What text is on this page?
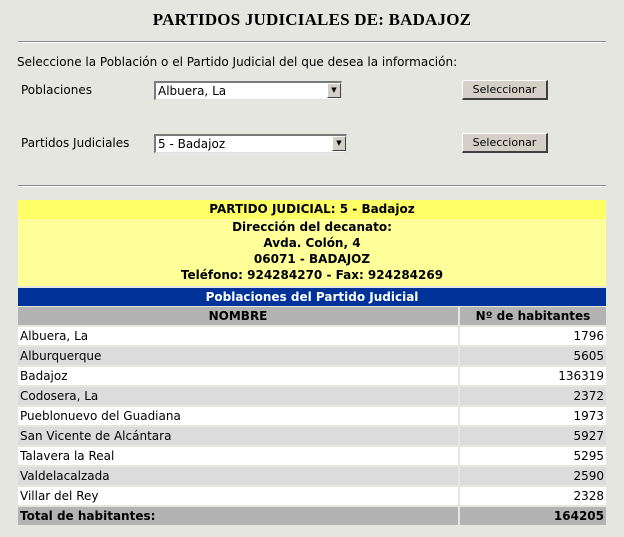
PARTIDOS JUDICIALES DE: BADAJOZ
Seleccione la Población o el Partido Judicial del que desea la información:
Poblaciones	Albuera, La	▼	Seleccionar
Partidos Judiciales 5 - Badajoz	▼	Seleccionar
PARTIDO JUDICIAL: 5 - Badajoz
Dirección del decanato:
Avda. Colón, 4
06071 - BADAJOZ
Teléfono: 924284270 - Fax: 924284269
Poblaciones del Partido Judicial
NOMBRE	Nº de habitantes
Albuera, La	1796
Alburquerque	5605
Badajoz	136319
Codosera, La	2372
Pueblonuevo del Guadiana	1973
San Vicente de Alcántara	5927
Talavera la Real	5295
Valdelacalzada	2590
Villar del Rey	2328
Total de habitantes:	164205
